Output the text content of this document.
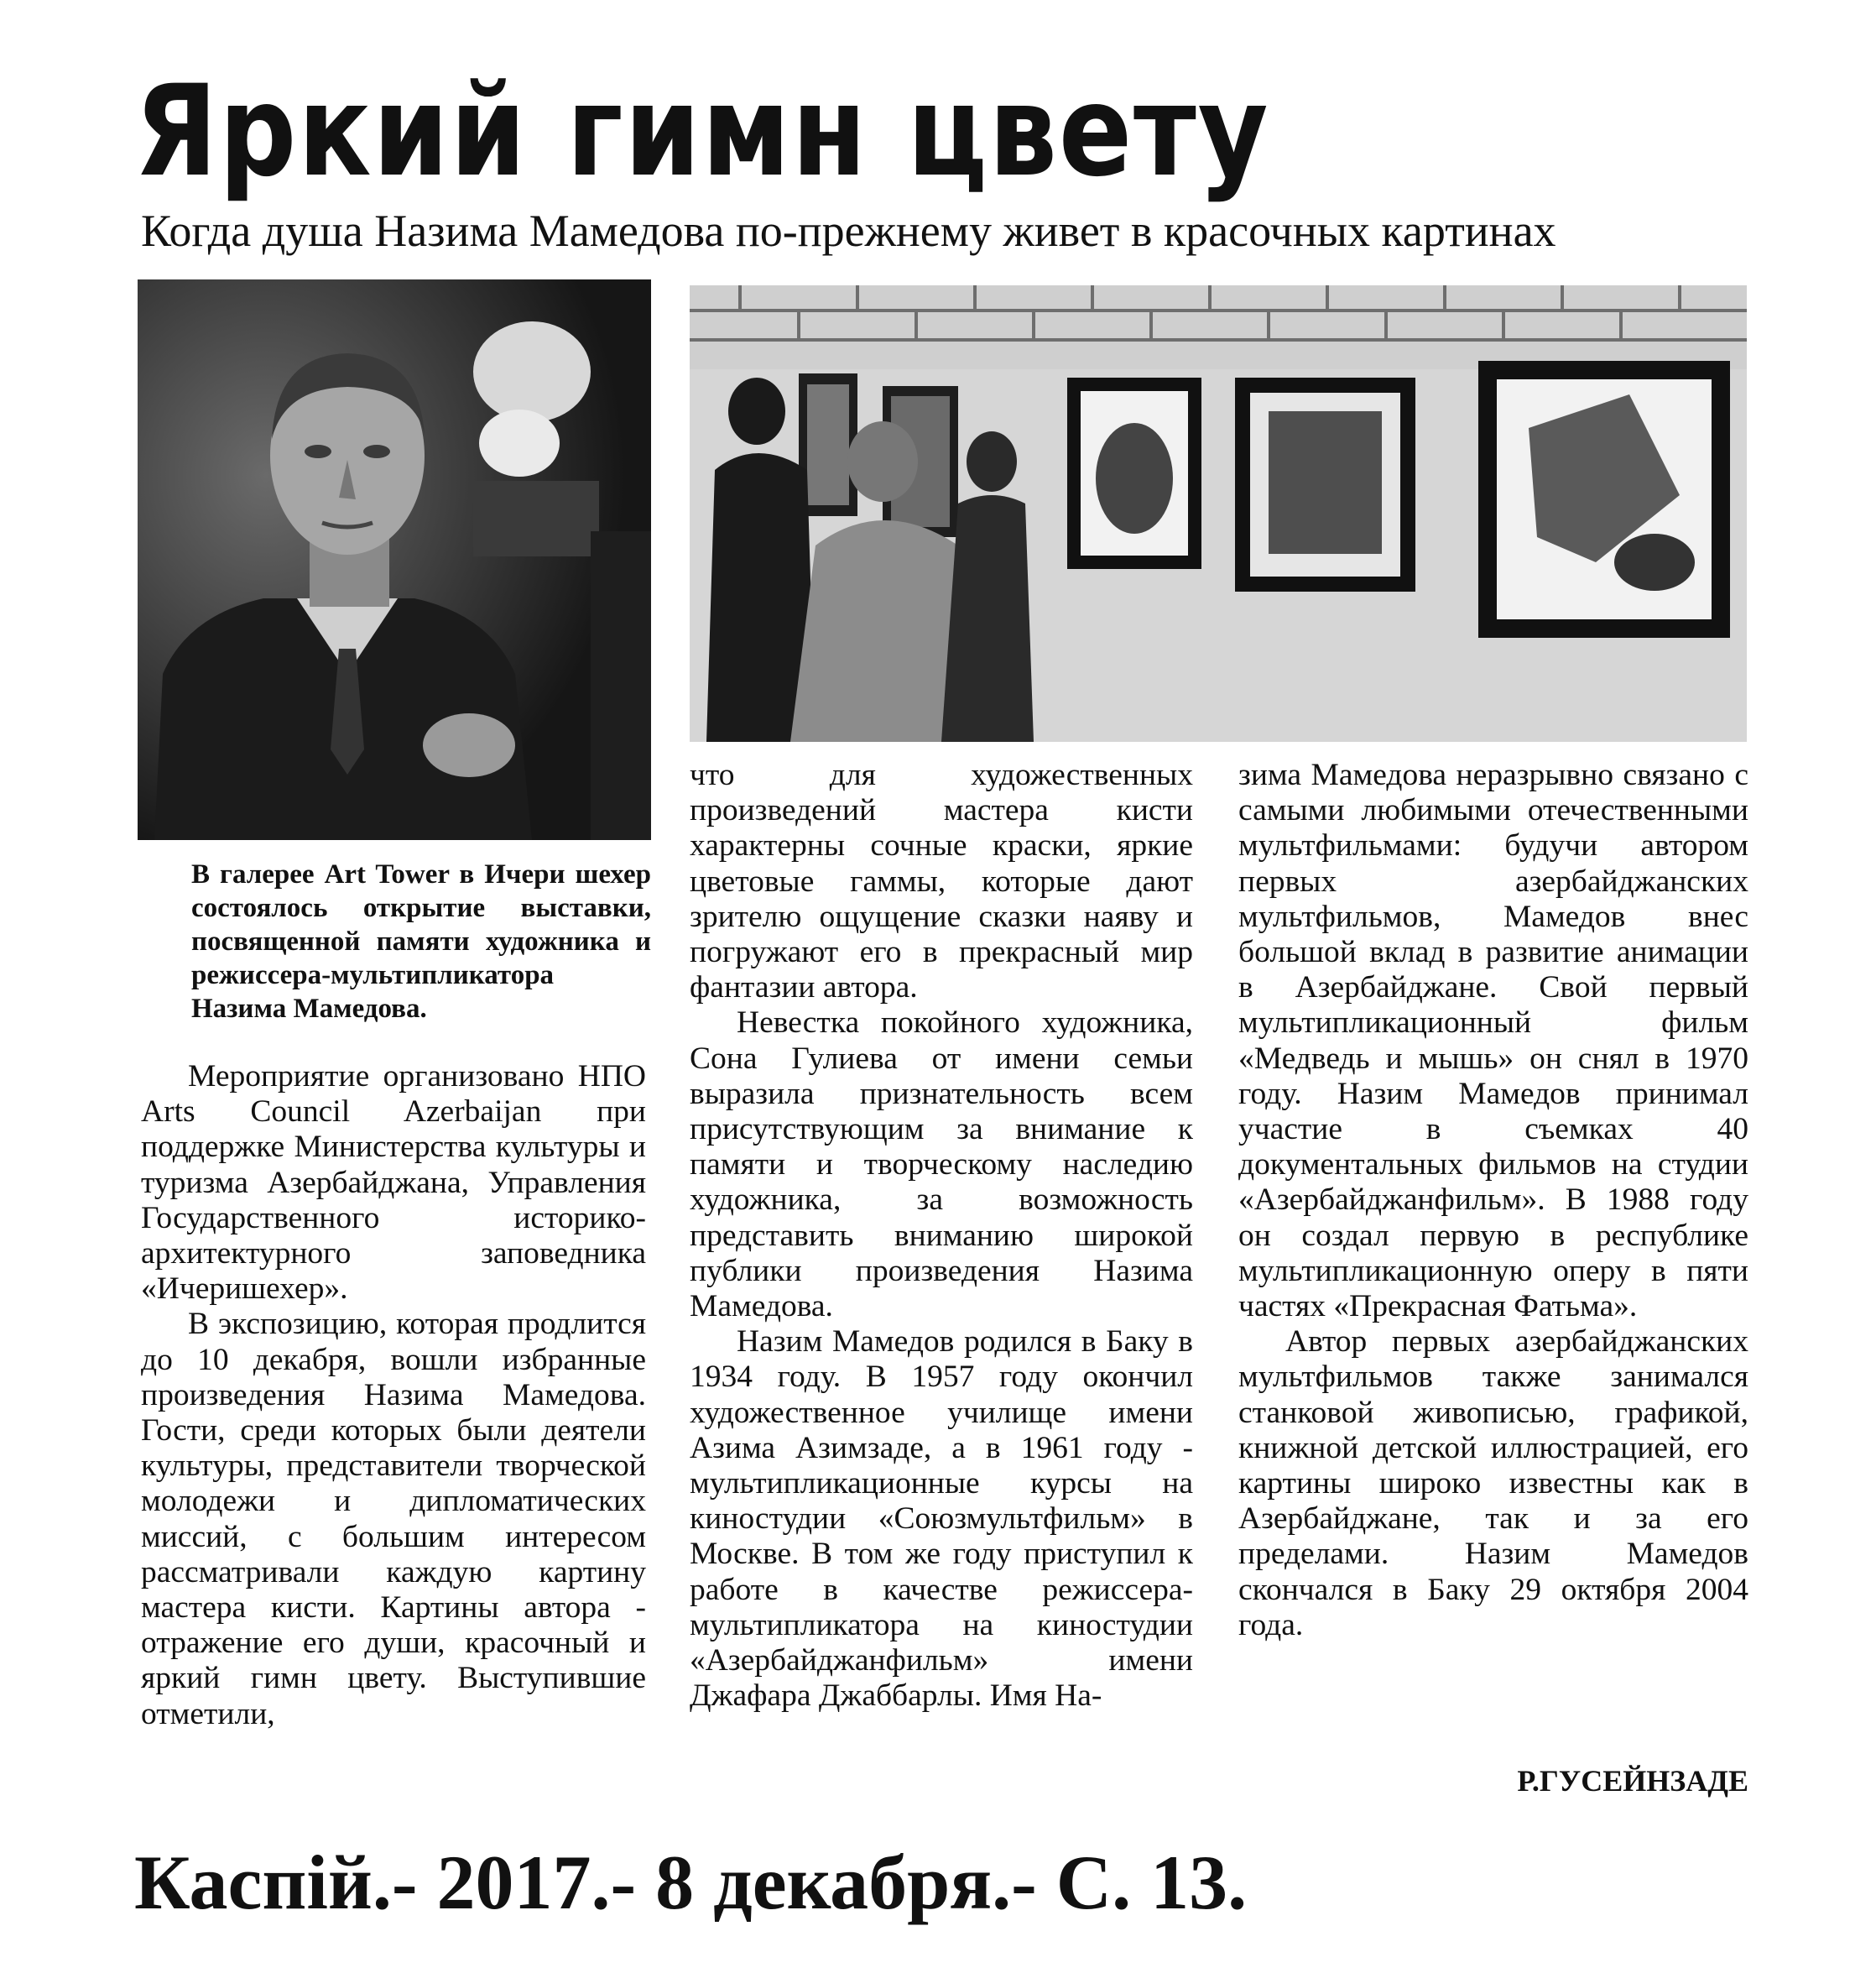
Яркий гимн цвету
Когда душа Назима Мамедова по-прежнему живет в красочных картинах
В галерее Art Tower в Ичери шехер состоялось открытие выставки, посвященной памяти художника и режиссера-мультипликатора Назима Мамедова.

Мероприятие организовано НПО Arts Council Azerbaijan при поддержке Министерства культуры и туризма Азербайджана, Управления Государственного историко-архитектурного заповедника «Ичеришехер».

В экспозицию, которая продлится до 10 декабря, вошли избранные произведения Назима Мамедова. Гости, среди которых были деятели культуры, представители творческой молодежи и дипломатических миссий, с большим интересом рассматривали каждую картину мастера кисти. Картины автора - отражение его души, красочный и яркий гимн цвету. Выступившие отметили,

что для художественных произведений мастера кисти характерны сочные краски, яркие цветовые гаммы, которые дают зрителю ощущение сказки наяву и погружают его в прекрасный мир фантазии автора.

Невестка покойного художника, Сона Гулиева от имени семьи выразила признательность всем присутствующим за внимание к памяти и творческому наследию художника, за возможность представить вниманию широкой публики произведения Назима Мамедова.

Назим Мамедов родился в Баку в 1934 году. В 1957 году окончил художественное училище имени Азима Азимзаде, а в 1961 году - мультипликационные курсы на киностудии «Союзмультфильм» в Москве. В том же году приступил к работе в качестве режиссера-мультипликатора на киностудии «Азербайджанфильм» имени Джафара Джаббарлы. Имя На-

зима Мамедова неразрывно связано с самыми любимыми отечественными мультфильмами: будучи автором первых азербайджанских мультфильмов, Мамедов внес большой вклад в развитие анимации в Азербайджане. Свой первый мультипликационный фильм «Медведь и мышь» он снял в 1970 году. Назим Мамедов принимал участие в съемках 40 документальных фильмов на студии «Азербайджанфильм». В 1988 году он создал первую в республике мультипликационную оперу в пяти частях «Прекрасная Фатьма».

Автор первых азербайджанских мультфильмов также занимался станковой живописью, графикой, книжной детской иллюстрацией, его картины широко известны как в Азербайджане, так и за его пределами. Назим Мамедов скончался в Баку 29 октября 2004 года.

Р.ГУСЕЙНЗАДЕ
Каспій.- 2017.- 8 декабря.- С. 13.
